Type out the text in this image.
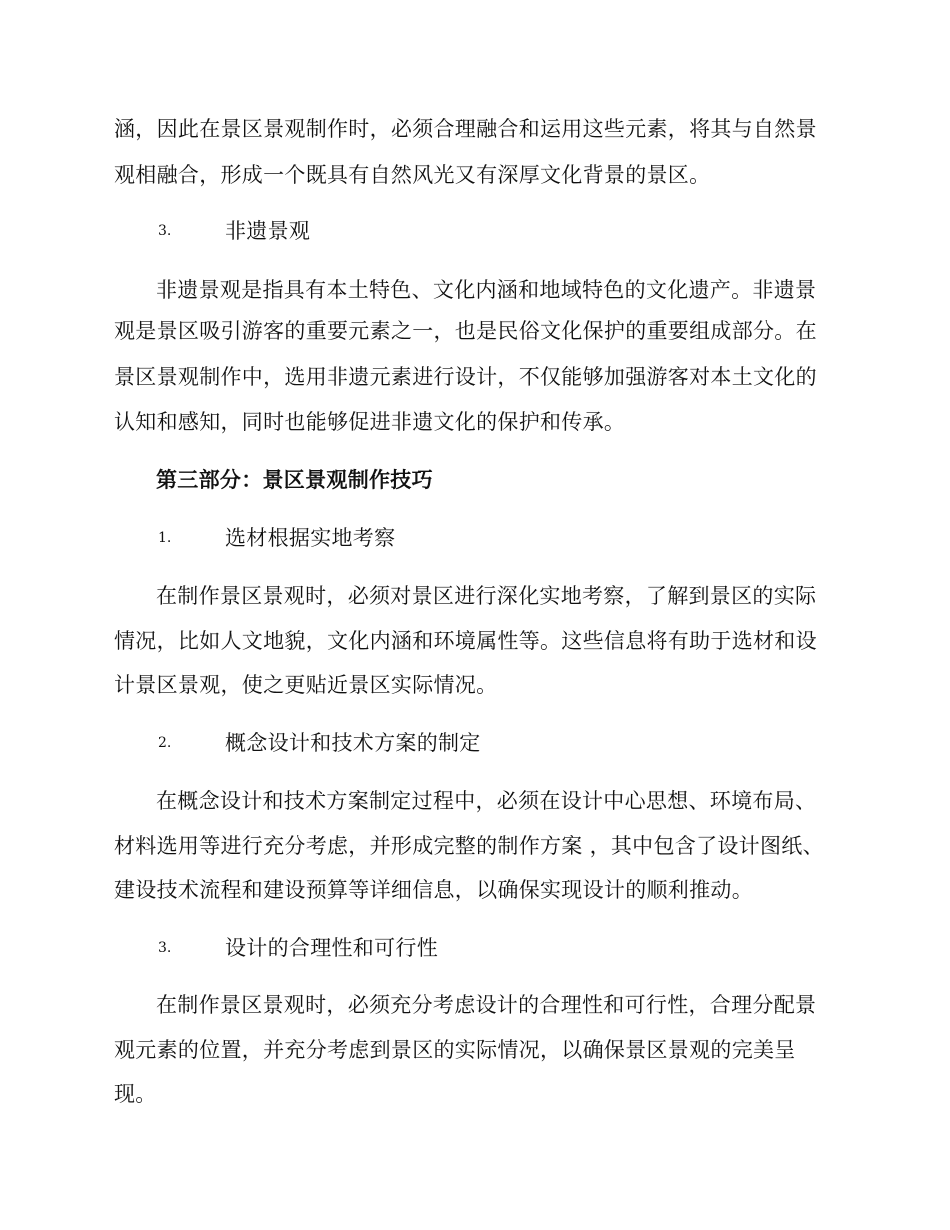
涵，因此在景区景观制作时，必须合理融合和运用这些元素，将其与自然景
观相融合，形成一个既具有自然风光又有深厚文化背景的景区。
3.	非遗景观
非遗景观是指具有本土特色、文化内涵和地域特色的文化遗产。非遗景
观是景区吸引游客的重要元素之一，也是民俗文化保护的重要组成部分。在
景区景观制作中，选用非遗元素进行设计，不仅能够加强游客对本土文化的
认知和感知，同时也能够促进非遗文化的保护和传承。
第三部分：景区景观制作技巧
1.	选材根据实地考察
在制作景区景观时，必须对景区进行深化实地考察，了解到景区的实际
情况，比如人文地貌，文化内涵和环境属性等。这些信息将有助于选材和设
计景区景观，使之更贴近景区实际情况。
2.	概念设计和技术方案的制定
在概念设计和技术方案制定过程中，必须在设计中心思想、环境布局、
材料选用等进行充分考虑，并形成完整的制作方案 ，其中包含了设计图纸、
建设技术流程和建设预算等详细信息，以确保实现设计的顺利推动。
3.	设计的合理性和可行性
在制作景区景观时，必须充分考虑设计的合理性和可行性，合理分配景
观元素的位置，并充分考虑到景区的实际情况，以确保景区景观的完美呈
现。
